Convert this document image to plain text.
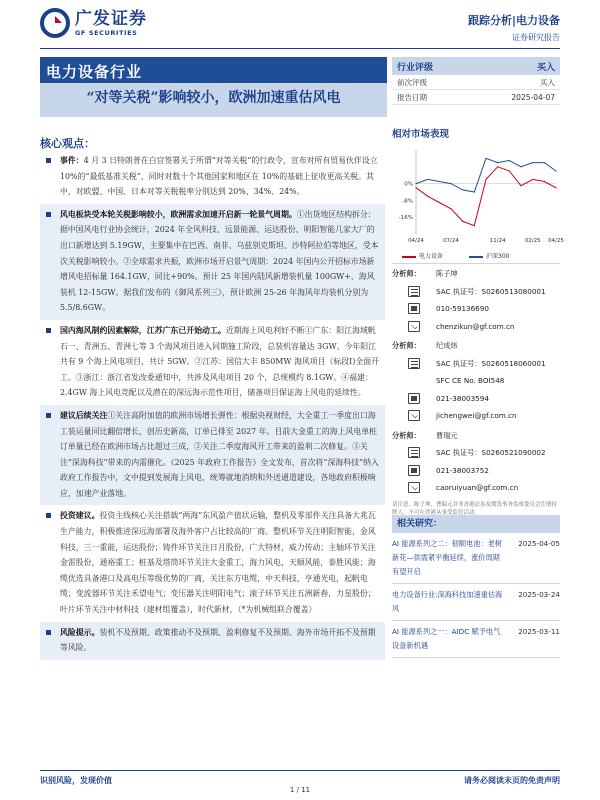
广发证券
GF SECURITIES
跟踪分析|电力设备
证券研究报告
电力设备行业
“对等关税”影响较小，欧洲加速重估风电
行业评级	买入
前次评级	买入
报告日期	2025-04-07
核心观点：
事件：4 月 3 日特朗普在白宫签署关于所谓“对等关税”的行政令，宣布对所有贸易伙伴设立 10%的“最低基准关税”，同时对数十个其他国家和地区在 10%的基础上征收更高关税。其中，对欧盟、中国、日本对等关税税率分别达到 20%、34%、24%。
风电板块受本轮关税影响较小，欧洲需求加速开启新一轮景气周期。①出货地区结构拆分：据中国风电行业协会统计，2024 年全风科技、远景能源、运达股份、明阳智能几家大厂的出口新增达到 5.19GW，主要集中在巴西、南非、乌兹别克斯坦、沙特阿拉伯等地区，受本次关税影响较小。②全球需求共振，欧洲市场开启景气周期：2024 年国内公开招标市场新增风电招标量 164.1GW，同比+90%。预计 25 年国内陆风新增装机量 100GW+，海风装机 12-15GW。据我们发布的《御风系列三》，预计欧洲 25-26 年海风年均装机分别为 5.5/8.6GW。
国内海风制约因素解除，江苏广东已开始动工。近期海上风电利好不断①广东：阳江海域帆石一、青洲五、青洲七等 3 个海风项目进入同期施工阶段，总装机容量达 3GW。今年阳江共有 9 个海上风电项目，共计 5GW。②江苏：国信大丰 850MW 海风项目（标段Ⅰ)全面开工。③浙江：浙江省发改委通知中，共涉及风电项目 20 个，总规模约 8.1GW。④福建：2.4GW 海上风电竞配以及潜在的深远海示范性项目，储备项目保证海上风电的延续性。
建议后续关注①关注高附加值的欧洲市场增长弹性：根据央视财经，大全重工一季度出口海工装运量同比翻倍增长，创历史新高，订单已排至 2027 年。目前大金重工的海上风电单桩订单量已经在欧洲市场占比超过三成，②关注二季度海风开工带来的盈利二次修复。③关注“深海科技”带来的内需催化。《2025 年政府工作报告》全文发布，首次将“深海科技”纳入政府工作报告中，文中提到发展海上风电，统筹就地消纳和外送通道建设，各地政府积极响应，加速产业落地。
投资建议。投资主线核心关注搭载“两海”东风盈产值状运输，整机及零部件关注具备大兆瓦生产能力，积极推进深远海部署及海外客户占比较高的厂商。整机环节关注明阳智能，金风科技，三一重能，运达股份；铸件环节关注日月股份，广大特材，威力传动；主轴环节关注金雷股份，通裕重工；桩基及塔筒环节关注大金重工，海力风电，天顺风能，泰胜风能；海缆优选具备港口及高电压等级优势的厂商，关注东方电缆，中天科技，亨通光电，起帆电缆；变流器环节关注禾望电气；变压器关注明阳电气；滚子环节关注五洲新春，力星股份；叶片环节关注中材科技（建材组覆盖），时代新材，（*为机械组联合覆盖）
风险提示。装机不及预期、政策推动不及预期、盈利修复不及预期、海外市场开拓不及预期等风险。
相对市场表现
0%
-8%
-16%
04/24	07/24	11/24	02/25 04/25
电力设备	沪深300
分析师： 陈子坤
SAC 执证号：S0260513080001
010-59136690
chenzikun@gf.com.cn
分析师： 纪成炜
SAC 执证号：S0260518060001
SFC CE No. BOI548
021-38003594
jichengwei@gf.com.cn
分析师： 曹瑞元
SAC 执证号：S0260521090002
021-38003752
caoruiyuan@gf.com.cn
请注意，陈子坤、曹瑞元并非香港证券及期货事务监察委员会注册持牌人，不可在香港从事受监管活动。
相关研究：
AI 能源系列之二：韧顺电池：老树新花—供需紧平衡延续，涨价周期有望开启
2025-04-05
电力设备行业:深海科技加速重估海风
2025-03-24
AI 能源系列之一：AIDC 赋予电气设备新机遇
2025-03-11
识别风险，发现价值	请务必阅读末页的免责声明
1 / 11
